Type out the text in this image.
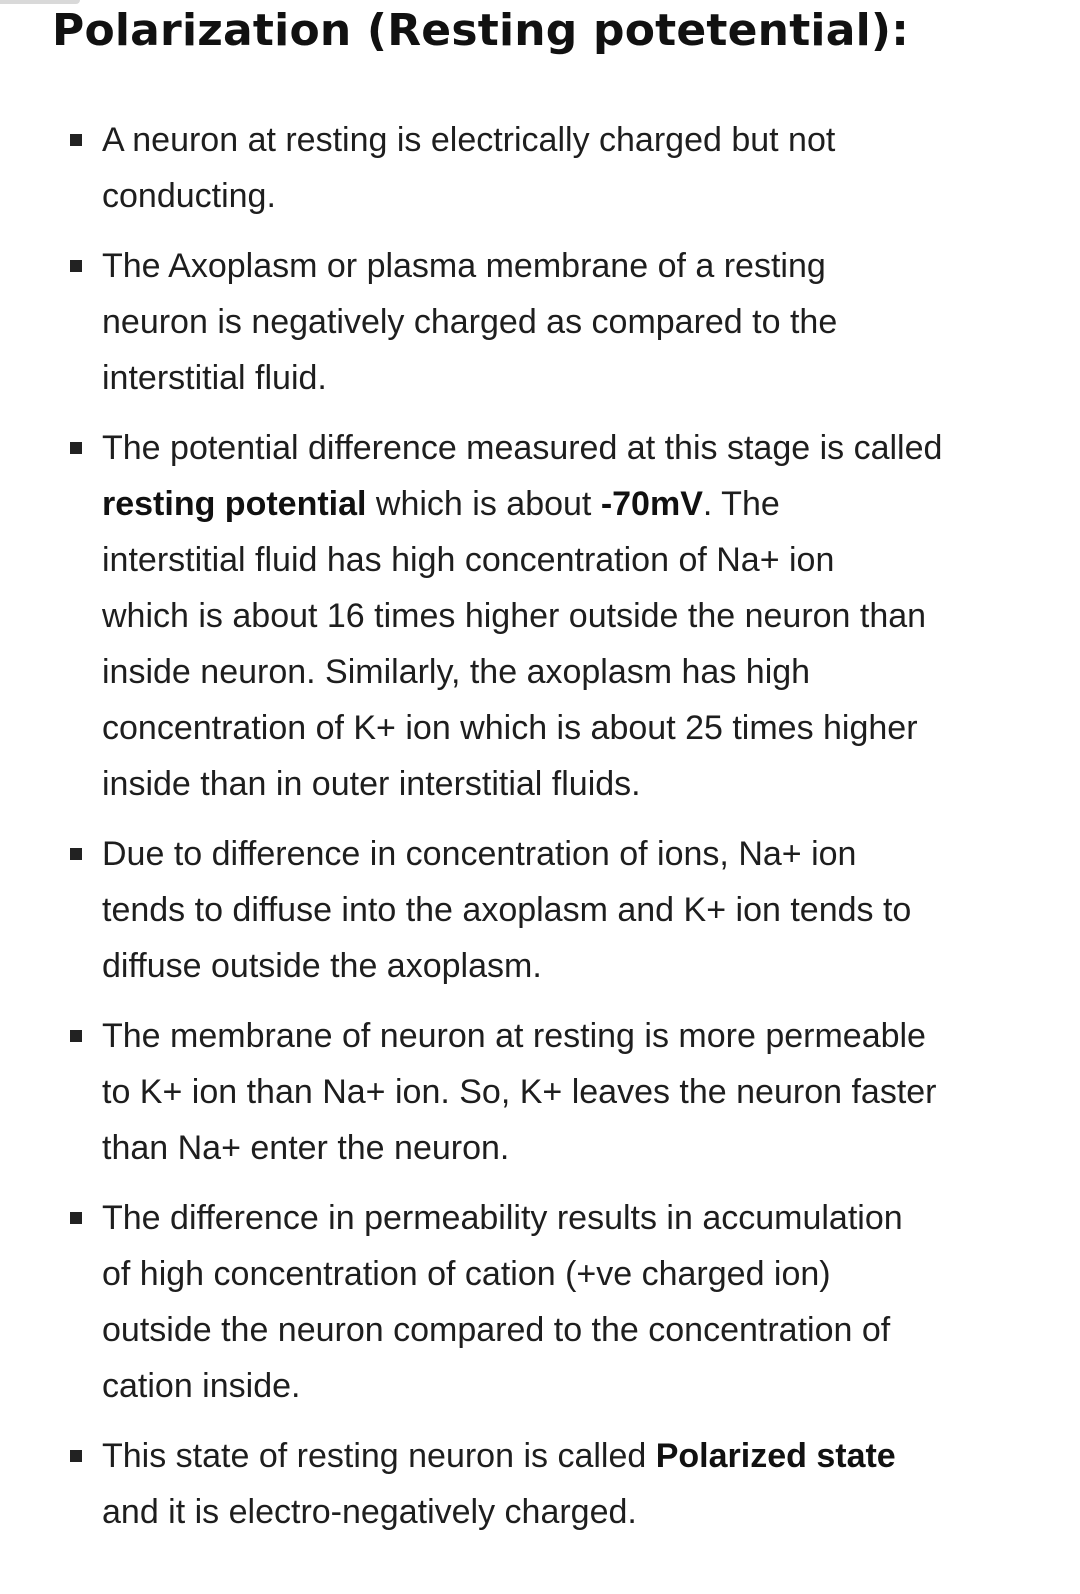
Polarization (Resting potetential):
A neuron at resting is electrically charged but not
conducting.
The Axoplasm or plasma membrane of a resting
neuron is negatively charged as compared to the
interstitial fluid.
The potential difference measured at this stage is called
resting potential which is about -70mV. The
interstitial fluid has high concentration of Na+ ion
which is about 16 times higher outside the neuron than
inside neuron. Similarly, the axoplasm has high
concentration of K+ ion which is about 25 times higher
inside than in outer interstitial fluids.
Due to difference in concentration of ions, Na+ ion
tends to diffuse into the axoplasm and K+ ion tends to
diffuse outside the axoplasm.
The membrane of neuron at resting is more permeable
to K+ ion than Na+ ion. So, K+ leaves the neuron faster
than Na+ enter the neuron.
The difference in permeability results in accumulation
of high concentration of cation (+ve charged ion)
outside the neuron compared to the concentration of
cation inside.
This state of resting neuron is called Polarized state
and it is electro-negatively charged.
